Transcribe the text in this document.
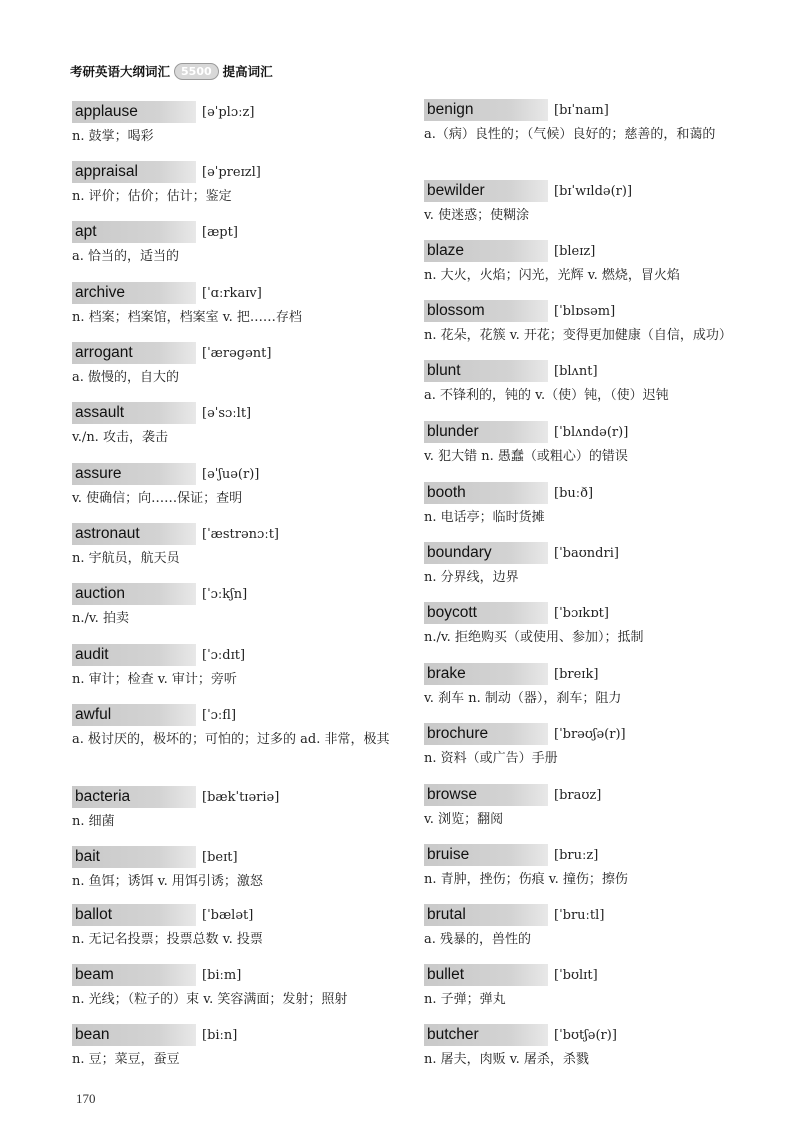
考研英语大纲词汇	5500 提高词汇
applause	[əˈplɔːz]
n. 鼓掌；喝彩
appraisal	[əˈpreɪzl]
n. 评价；估价；估计；鉴定
apt	[æpt]
a. 恰当的，适当的
archive	[ˈɑːrkaɪv]
n. 档案；档案馆，档案室 v. 把……存档
arrogant	[ˈærəgənt]
a. 傲慢的，自大的
assault	[əˈsɔːlt]
v./n. 攻击，袭击
assure	[əˈʃuə(r)]
v. 使确信；向……保证；查明
astronaut	[ˈæstrənɔːt]
n. 宇航员，航天员
auction	[ˈɔːkʃn]
n./v. 拍卖
audit	[ˈɔːdɪt]
n. 审计；检查 v. 审计；旁听
awful	[ˈɔːfl]
a. 极讨厌的，极坏的；可怕的；过多的 ad. 非常，极其
bacteria	[bækˈtɪəriə]
n. 细菌
bait	[beɪt]
n. 鱼饵；诱饵 v. 用饵引诱；激怒
ballot	[ˈbælət]
n. 无记名投票；投票总数 v. 投票
beam	[biːm]
n. 光线；（粒子的）束 v. 笑容满面；发射；照射
bean	[biːn]
n. 豆；菜豆，蚕豆
benign	[bɪˈnaɪn]
a.（病）良性的；（气候）良好的；慈善的，和蔼的
bewilder	[bɪˈwɪldə(r)]
v. 使迷惑；使糊涂
blaze	[bleɪz]
n. 大火，火焰；闪光，光辉 v. 燃烧，冒火焰
blossom	[ˈblɒsəm]
n. 花朵，花簇 v. 开花；变得更加健康（自信，成功）
blunt	[blʌnt]
a. 不锋利的，钝的 v.（使）钝，（使）迟钝
blunder	[ˈblʌndə(r)]
v. 犯大错 n. 愚蠢（或粗心）的错误
booth	[buːð]
n. 电话亭；临时货摊
boundary	[ˈbaʊndri]
n. 分界线，边界
boycott	[ˈbɔɪkɒt]
n./v. 拒绝购买（或使用、参加）；抵制
brake	[breɪk]
v. 刹车 n. 制动（器），刹车；阻力
brochure	[ˈbrəʊʃə(r)]
n. 资料（或广告）手册
browse	[braʊz]
v. 浏览；翻阅
bruise	[bruːz]
n. 青肿，挫伤；伤痕 v. 撞伤；擦伤
brutal	[ˈbruːtl]
a. 残暴的，兽性的
bullet	[ˈbʊlɪt]
n. 子弹；弹丸
butcher	[ˈbʊtʃə(r)]
n. 屠夫，肉贩 v. 屠杀，杀戮
170
